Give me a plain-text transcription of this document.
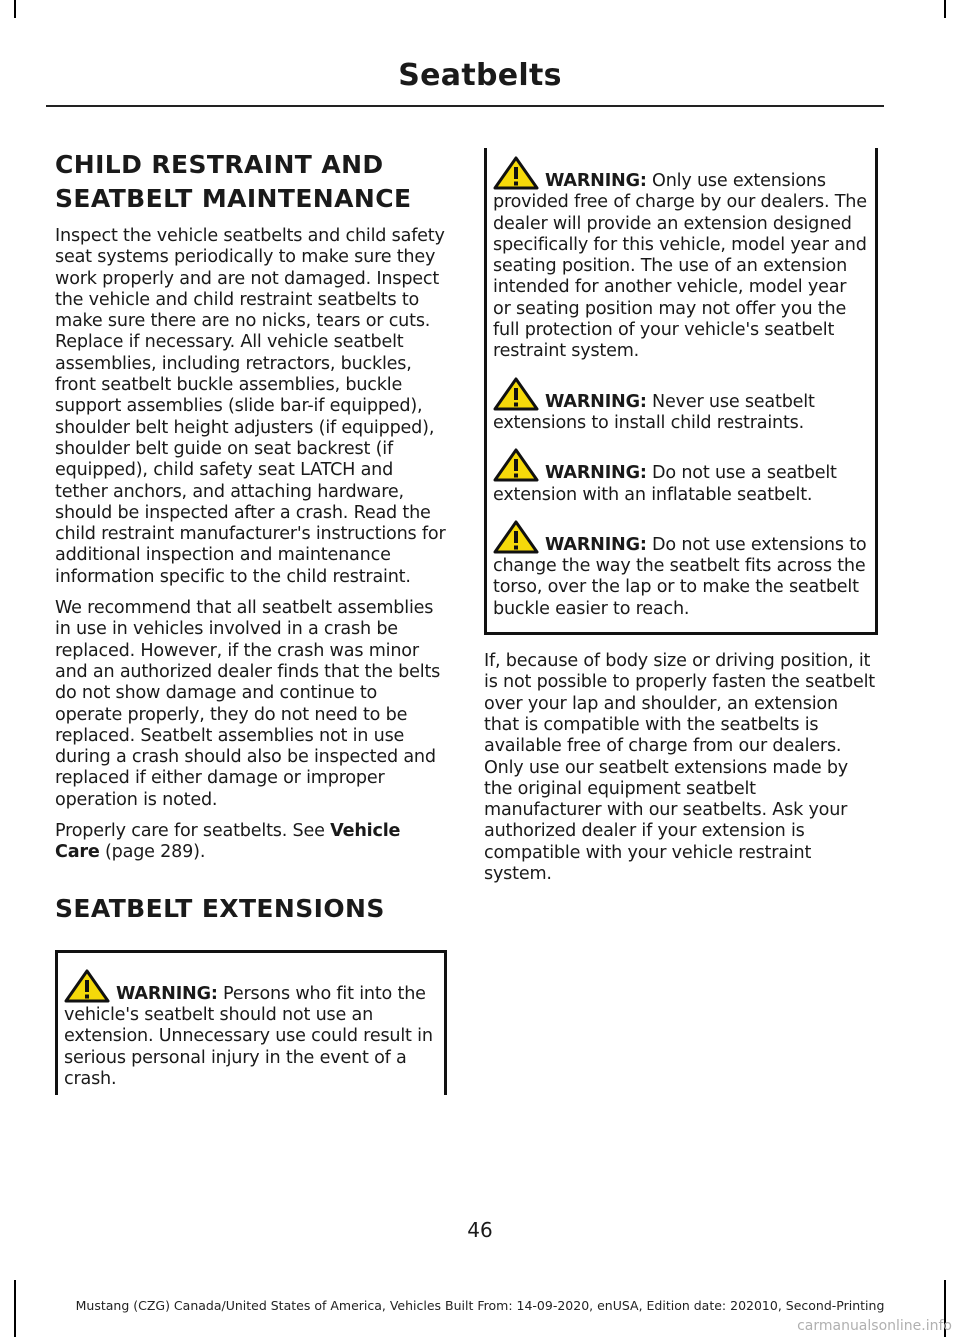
Seatbelts
CHILD RESTRAINT AND SEATBELT MAINTENANCE

Inspect the vehicle seatbelts and child safety seat systems periodically to make sure they work properly and are not damaged. Inspect the vehicle and child restraint seatbelts to make sure there are no nicks, tears or cuts. Replace if necessary. All vehicle seatbelt assemblies, including retractors, buckles, front seatbelt buckle assemblies, buckle support assemblies (slide bar-if equipped), shoulder belt height adjusters (if equipped), shoulder belt guide on seat backrest (if equipped), child safety seat LATCH and tether anchors, and attaching hardware, should be inspected after a crash. Read the child restraint manufacturer's instructions for additional inspection and maintenance information specific to the child restraint.

We recommend that all seatbelt assemblies in use in vehicles involved in a crash be replaced. However, if the crash was minor and an authorized dealer finds that the belts do not show damage and continue to operate properly, they do not need to be replaced. Seatbelt assemblies not in use during a crash should also be inspected and replaced if either damage or improper operation is noted.

Properly care for seatbelts. See Vehicle Care (page 289).

SEATBELT EXTENSIONS

WARNING: Persons who fit into the vehicle's seatbelt should not use an extension. Unnecessary use could result in serious personal injury in the event of a crash.

WARNING: Only use extensions provided free of charge by our dealers. The dealer will provide an extension designed specifically for this vehicle, model year and seating position. The use of an extension intended for another vehicle, model year or seating position may not offer you the full protection of your vehicle's seatbelt restraint system.

WARNING: Never use seatbelt extensions to install child restraints.

WARNING: Do not use a seatbelt extension with an inflatable seatbelt.

WARNING: Do not use extensions to change the way the seatbelt fits across the torso, over the lap or to make the seatbelt buckle easier to reach.

If, because of body size or driving position, it is not possible to properly fasten the seatbelt over your lap and shoulder, an extension that is compatible with the seatbelts is available free of charge from our dealers. Only use our seatbelt extensions made by the original equipment seatbelt manufacturer with our seatbelts. Ask your authorized dealer if your extension is compatible with your vehicle restraint system.

46

Mustang (CZG) Canada/United States of America, Vehicles Built From: 14-09-2020, enUSA, Edition date: 202010, Second-Printing

carmanualsonline.info
